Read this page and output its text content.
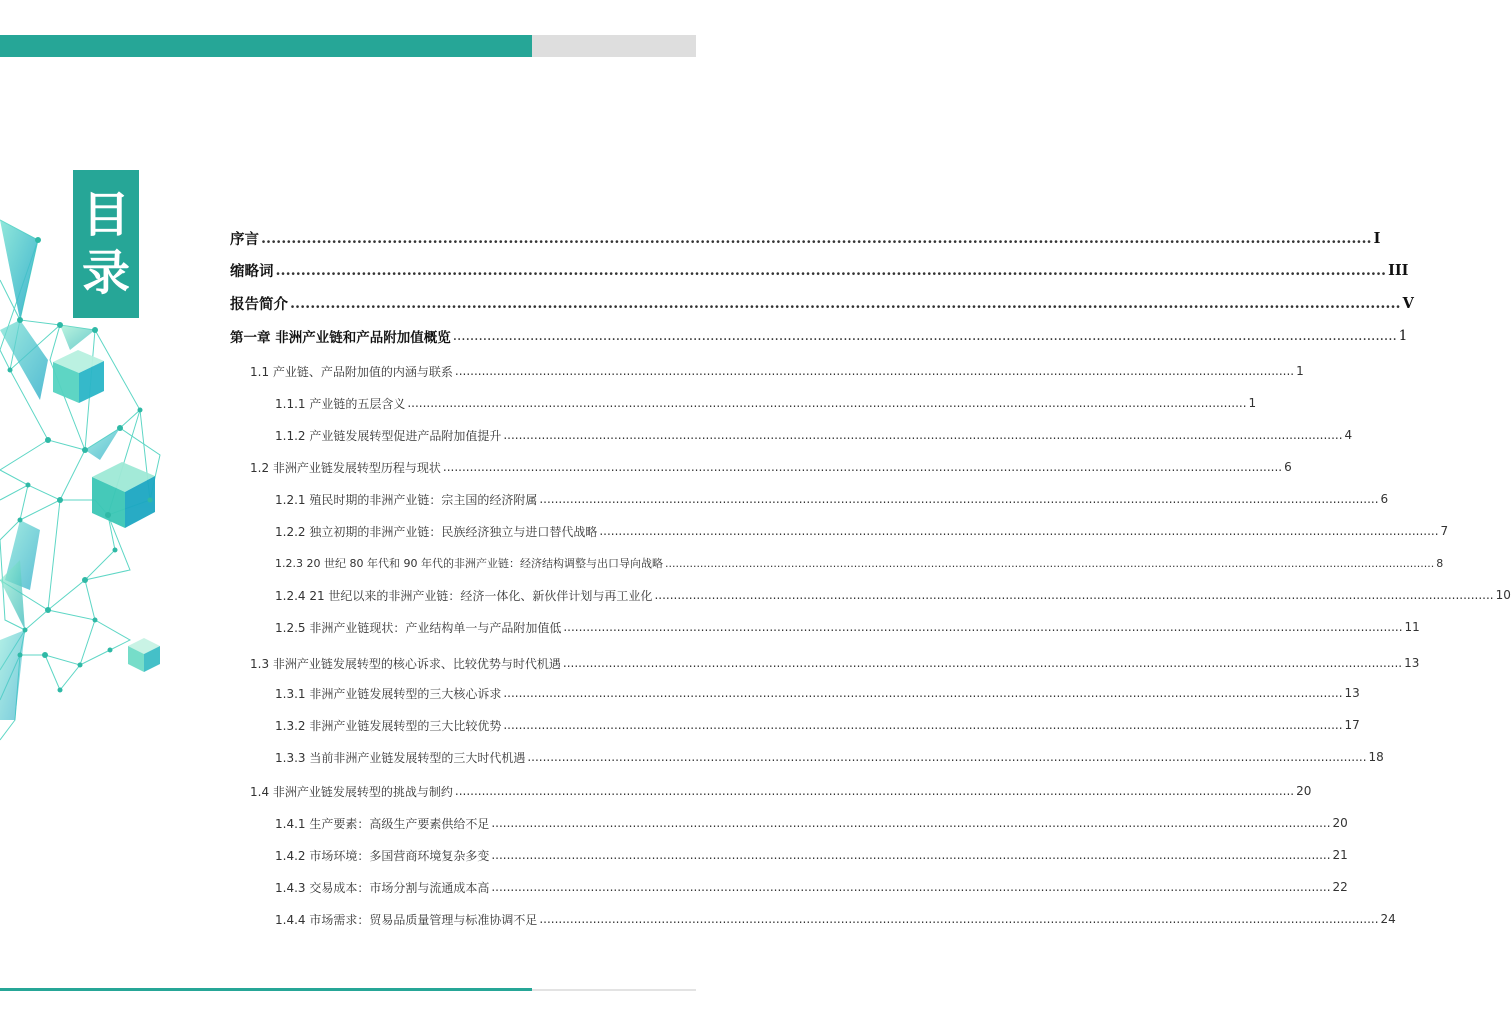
目
录
序言 ............................................................................................................................................................................................................................ I
缩略词 ............................................................................................................................................................................................................................ III
报告简介 ............................................................................................................................................................................................................................ V
第一章 非洲产业链和产品附加值概览 ............................................................................................................................................................................................................................ 1
1.1 产业链、产品附加值的内涵与联系 ............................................................................................................................................................................................................................ 1
1.1.1 产业链的五层含义 ............................................................................................................................................................................................................................ 1
1.1.2 产业链发展转型促进产品附加值提升 ............................................................................................................................................................................................................................ 4
1.2 非洲产业链发展转型历程与现状 ............................................................................................................................................................................................................................ 6
1.2.1 殖民时期的非洲产业链：宗主国的经济附属 ............................................................................................................................................................................................................................ 6
1.2.2 独立初期的非洲产业链：民族经济独立与进口替代战略 ............................................................................................................................................................................................................................ 7
1.2.3 20 世纪 80 年代和 90 年代的非洲产业链：经济结构调整与出口导向战略 ............................................................................................................................................................................................................................ 8
1.2.4 21 世纪以来的非洲产业链：经济一体化、新伙伴计划与再工业化 ............................................................................................................................................................................................................................ 10
1.2.5 非洲产业链现状：产业结构单一与产品附加值低 ............................................................................................................................................................................................................................ 11
1.3 非洲产业链发展转型的核心诉求、比较优势与时代机遇 ............................................................................................................................................................................................................................ 13
1.3.1 非洲产业链发展转型的三大核心诉求 ............................................................................................................................................................................................................................ 13
1.3.2 非洲产业链发展转型的三大比较优势 ............................................................................................................................................................................................................................ 17
1.3.3 当前非洲产业链发展转型的三大时代机遇 ............................................................................................................................................................................................................................ 18
1.4 非洲产业链发展转型的挑战与制约 ............................................................................................................................................................................................................................ 20
1.4.1 生产要素：高级生产要素供给不足 ............................................................................................................................................................................................................................ 20
1.4.2 市场环境：多国营商环境复杂多变 ............................................................................................................................................................................................................................ 21
1.4.3 交易成本：市场分割与流通成本高 ............................................................................................................................................................................................................................ 22
1.4.4 市场需求：贸易品质量管理与标准协调不足 ............................................................................................................................................................................................................................ 24
